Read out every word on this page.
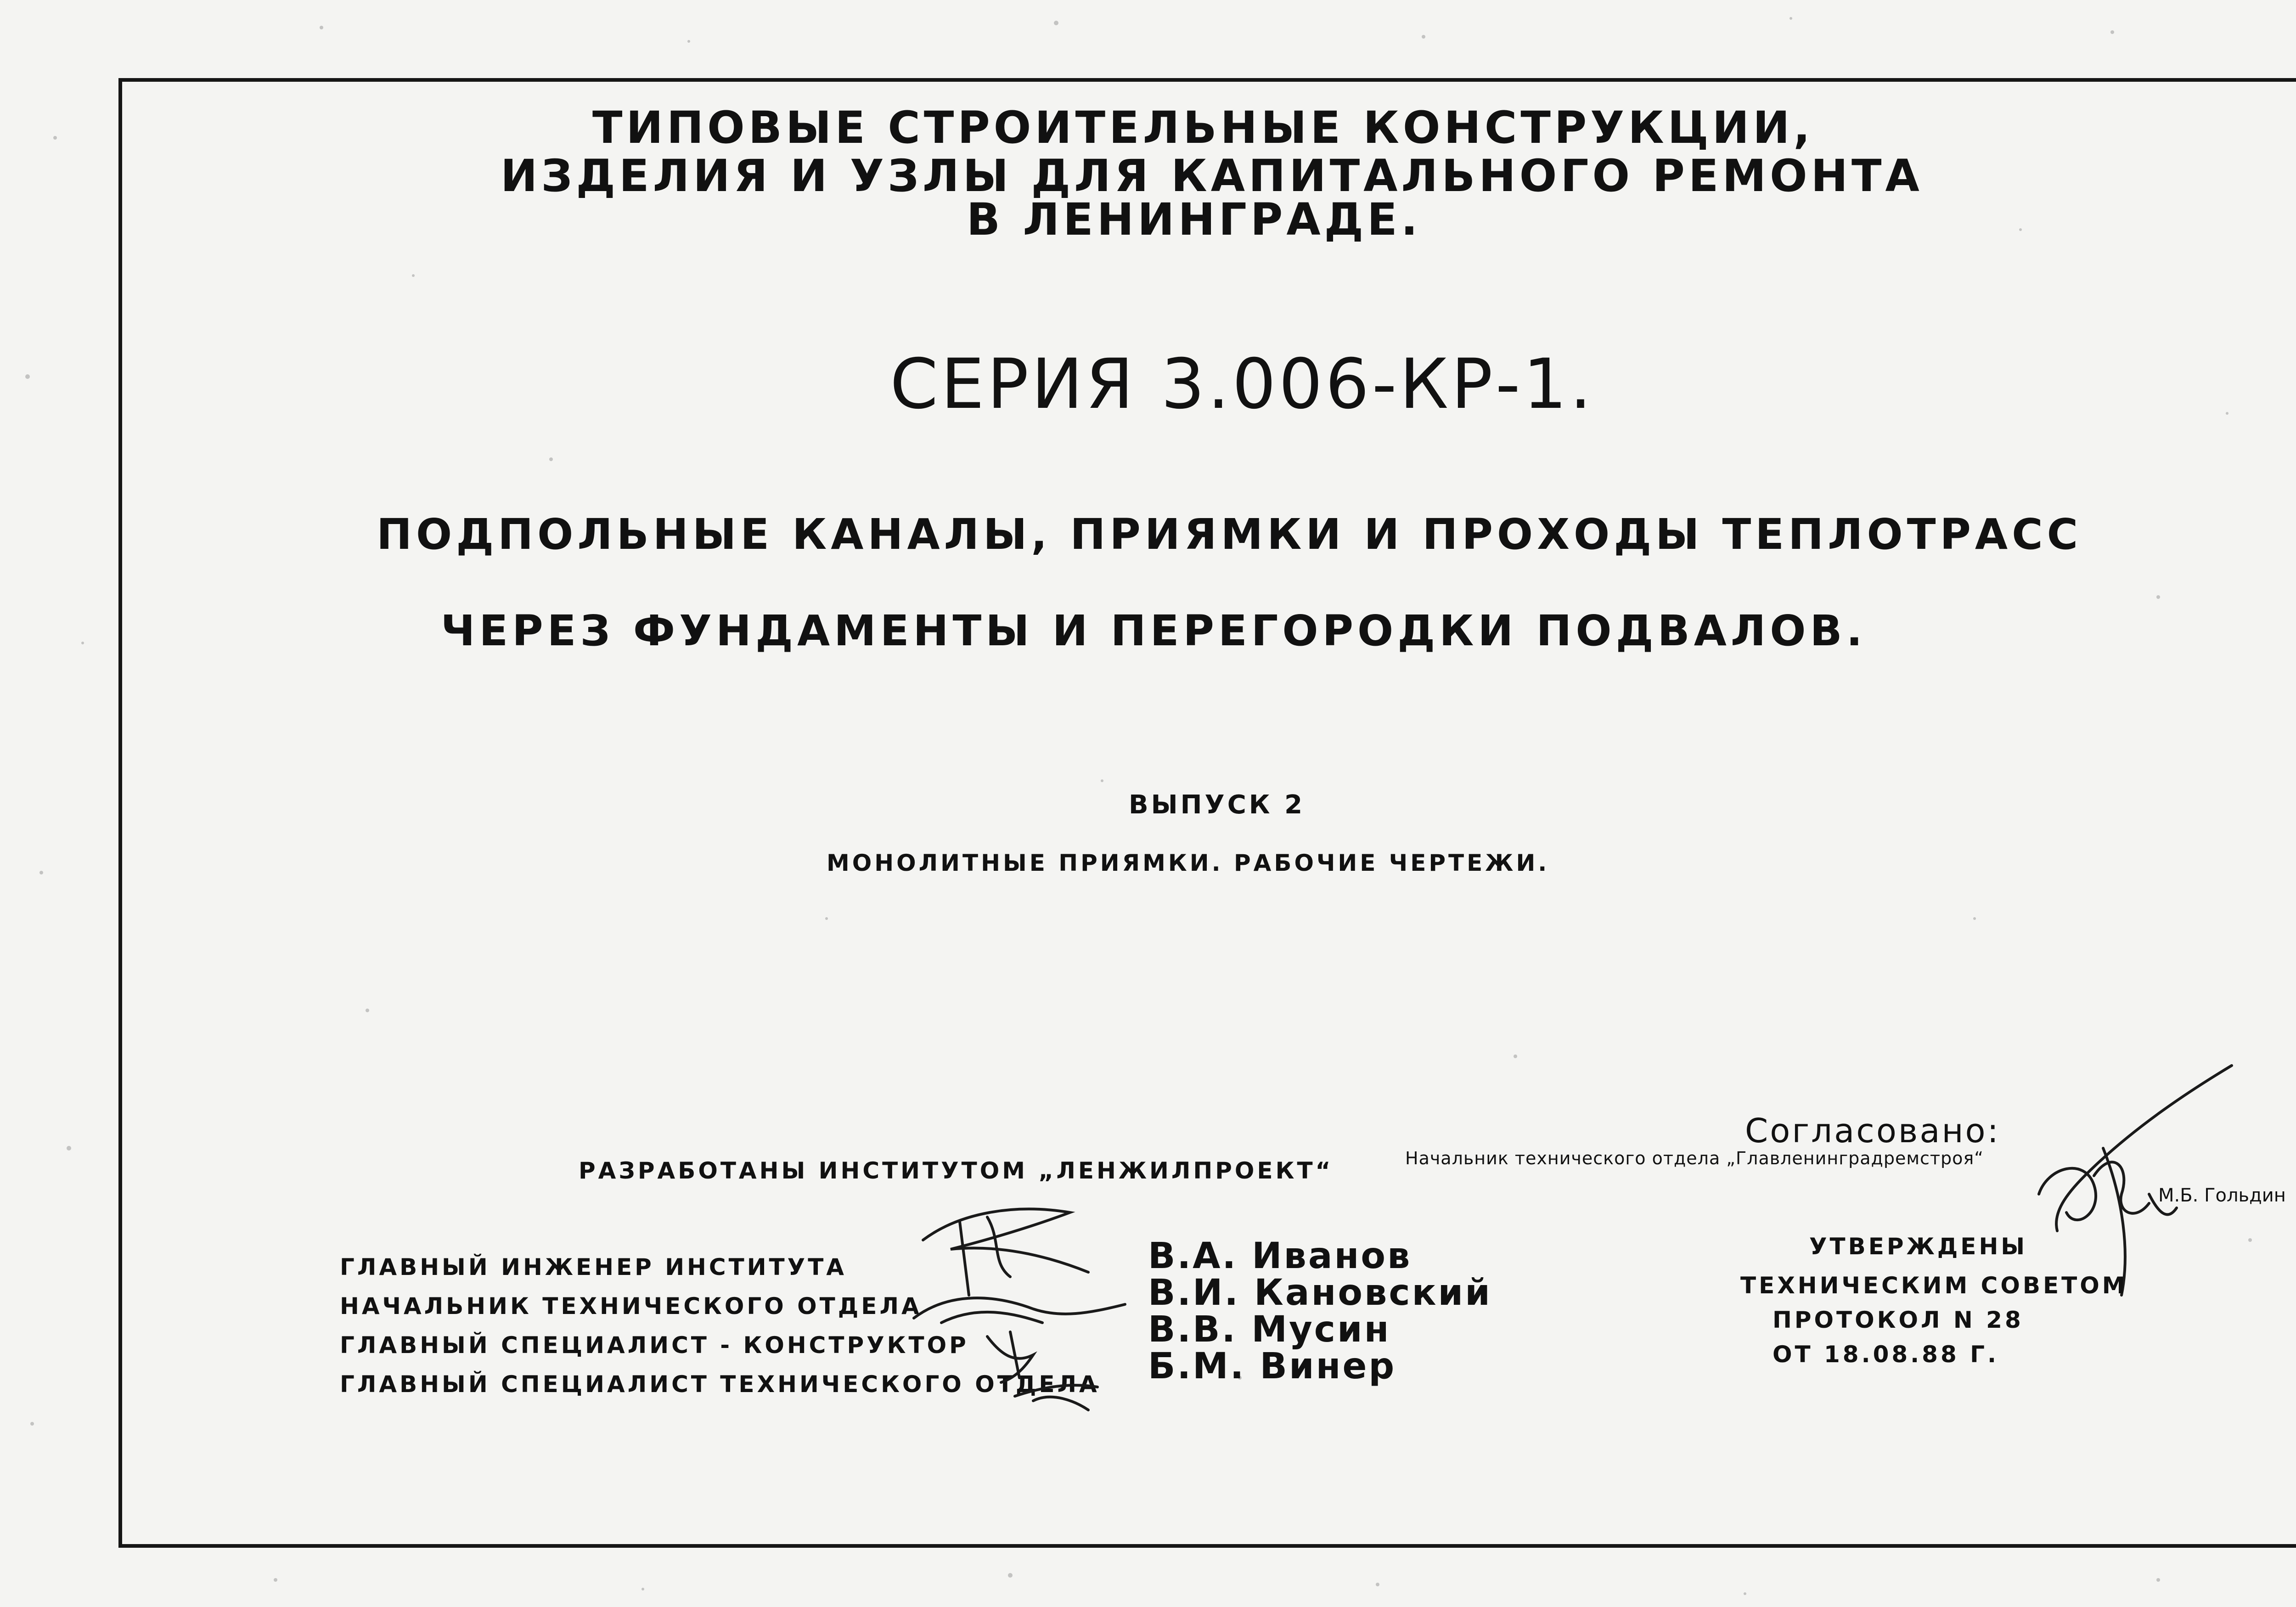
ТИПОВЫЕ СТРОИТЕЛЬНЫЕ КОНСТРУКЦИИ,
ИЗДЕЛИЯ И УЗЛЫ ДЛЯ КАПИТАЛЬНОГО РЕМОНТА
В ЛЕНИНГРАДЕ.
СЕРИЯ 3.006-КР-1.
ПОДПОЛЬНЫЕ КАНАЛЫ, ПРИЯМКИ И ПРОХОДЫ ТЕПЛОТРАСС
ЧЕРЕЗ ФУНДАМЕНТЫ И ПЕРЕГОРОДКИ ПОДВАЛОВ.
ВЫПУСК 2
МОНОЛИТНЫЕ ПРИЯМКИ. РАБОЧИЕ ЧЕРТЕЖИ.
РАЗРАБОТАНЫ ИНСТИТУТОМ „ЛЕНЖИЛПРОЕКТ“
ГЛАВНЫЙ ИНЖЕНЕР ИНСТИТУТА
НАЧАЛЬНИК ТЕХНИЧЕСКОГО ОТДЕЛА
ГЛАВНЫЙ СПЕЦИАЛИСТ - КОНСТРУКТОР
ГЛАВНЫЙ СПЕЦИАЛИСТ ТЕХНИЧЕСКОГО ОТДЕЛА
В.А. Иванов
В.И. Кановский
В.В. Мусин
Б.М. Винер
Согласовано:
Начальник технического отдела „Главленинградремстроя“
М.Б. Гольдин
УТВЕРЖДЕНЫ
ТЕХНИЧЕСКИМ СОВЕТОМ
ПРОТОКОЛ N 28
ОТ 18.08.88 Г.
